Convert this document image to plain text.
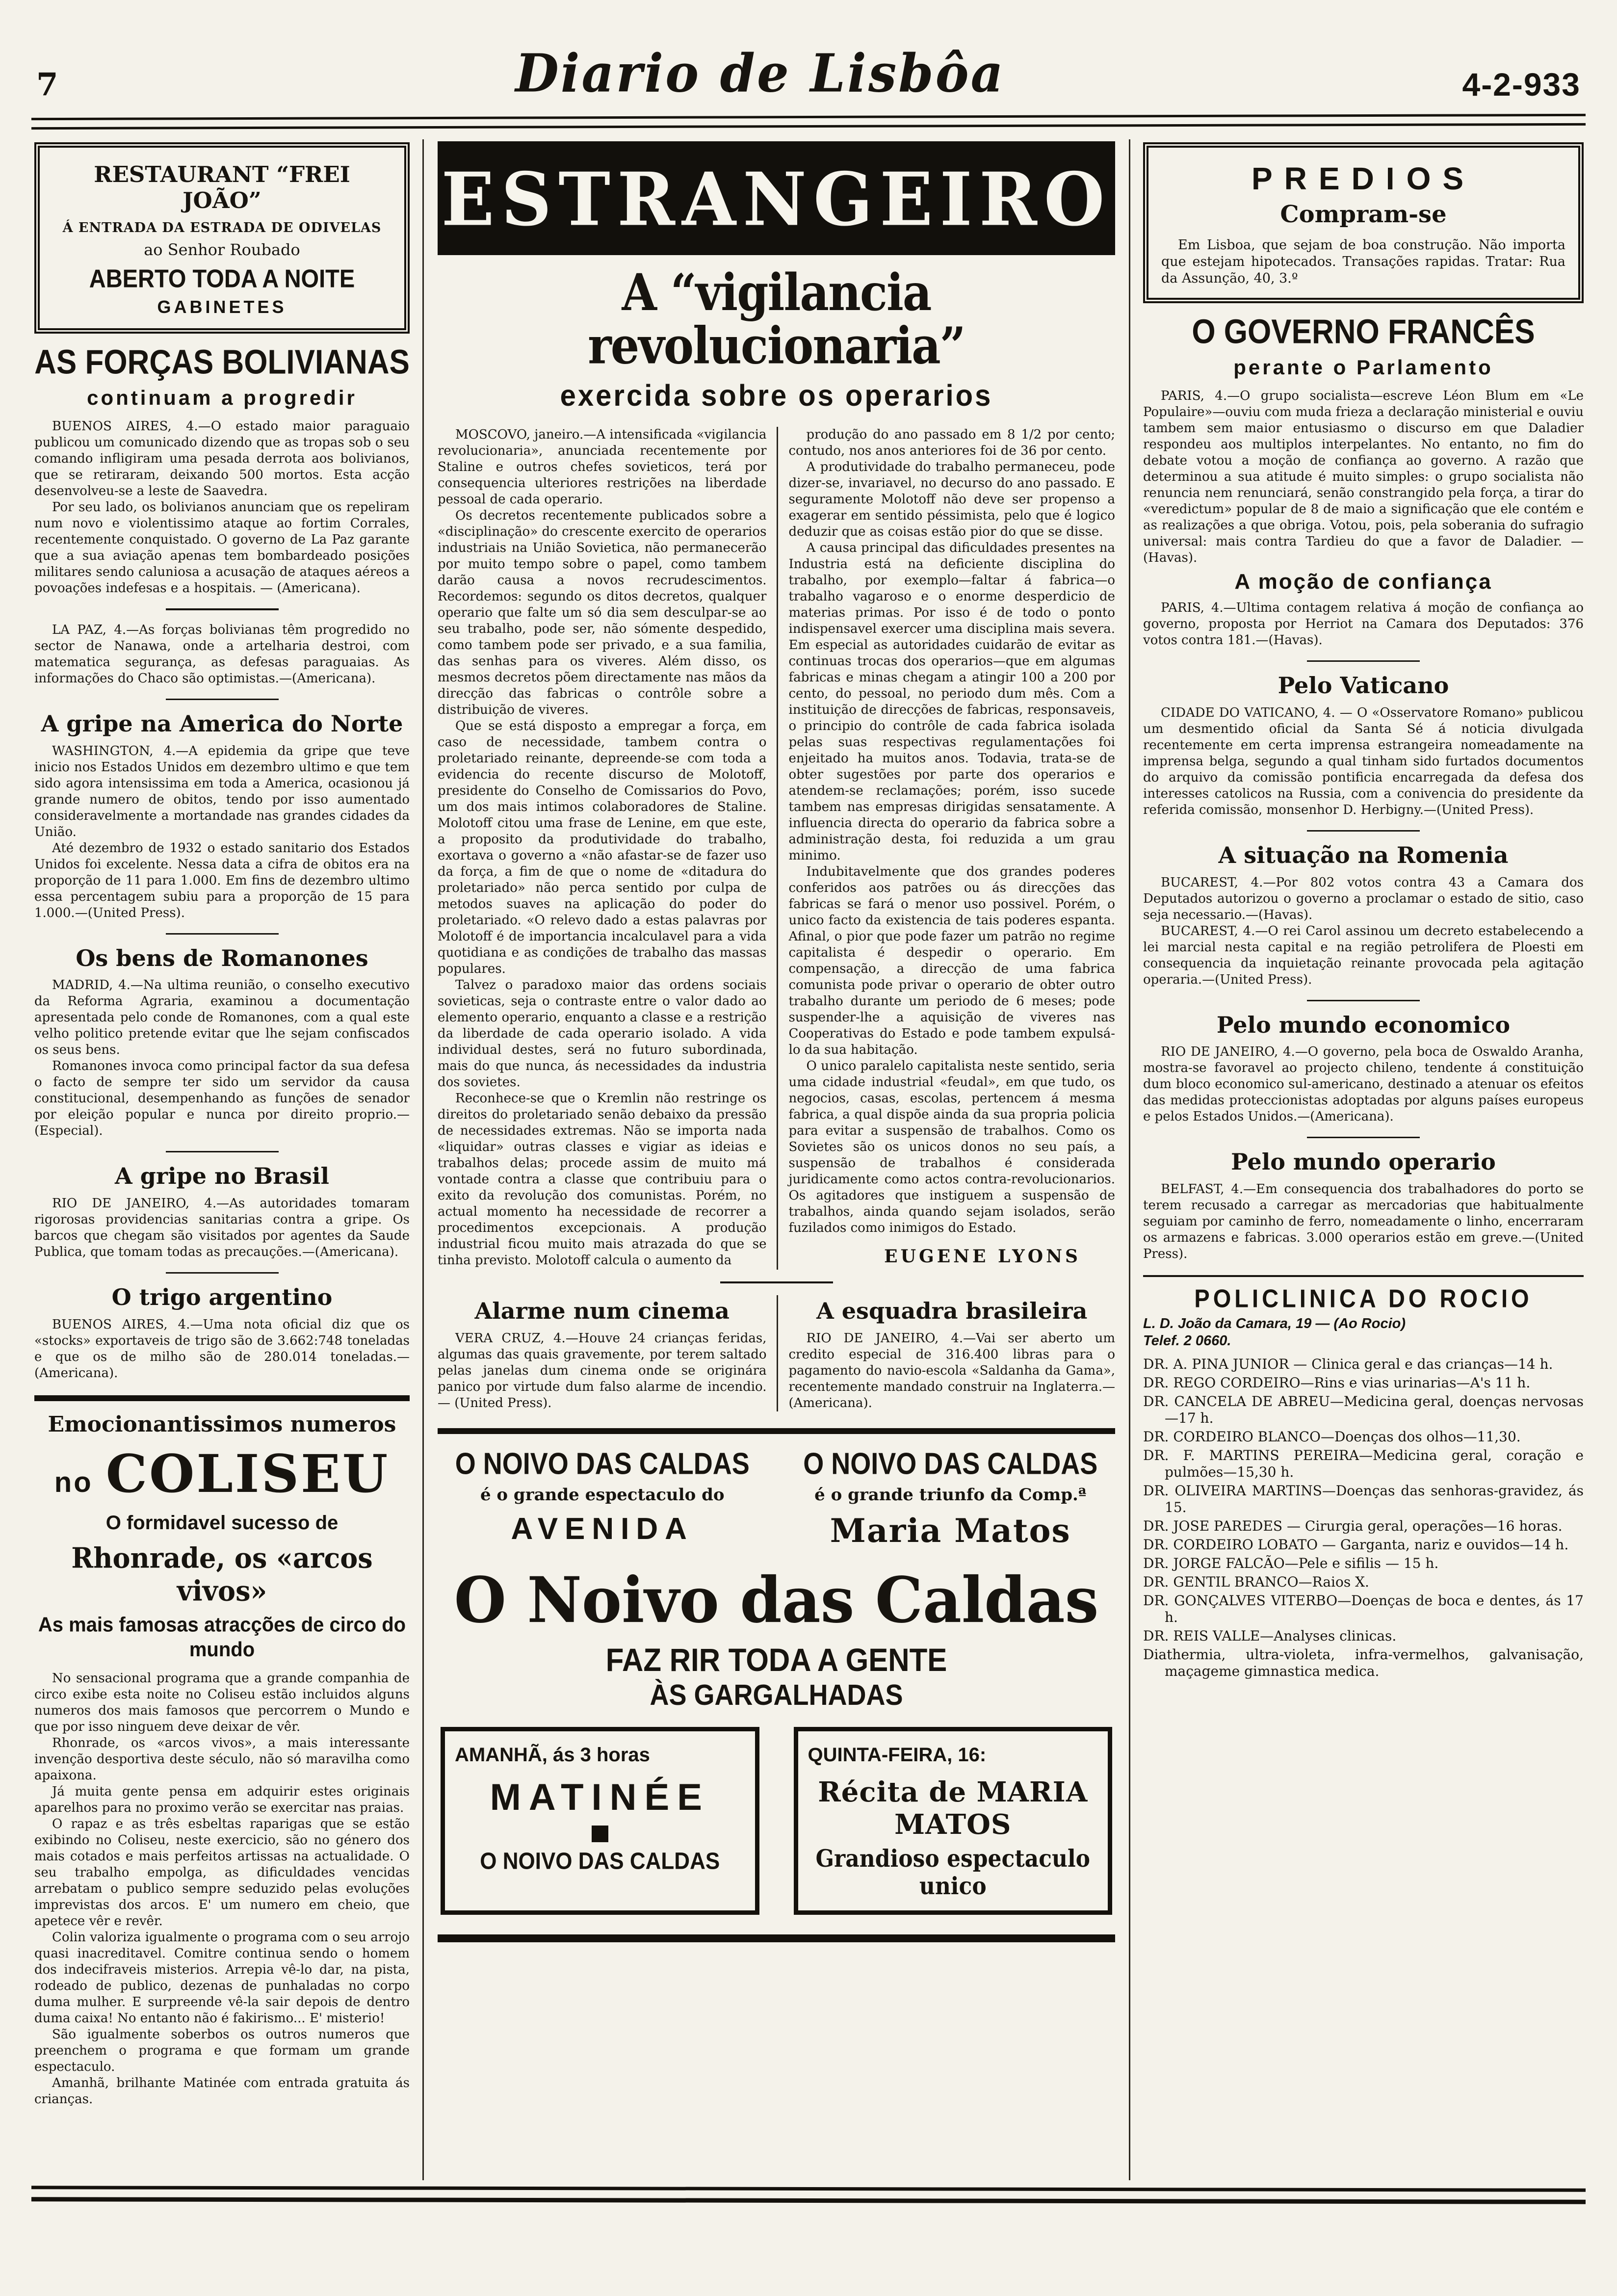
7	Diario de Lisbôa	4-2-933

RESTAURANT “FREI JOÃO”

Á ENTRADA DA ESTRADA DE ODIVELAS

ao Senhor Roubado

ABERTO TODA A NOITE

GABINETES

AS FORÇAS BOLIVIANAS
continuam a progredir

BUENOS AIRES, 4.—O estado maior paraguaio publicou um comunicado dizendo que as tropas sob o seu comando infligiram uma pesada derrota aos bolivianos, que se retiraram, deixando 500 mortos. Esta acção desenvolveu-se a leste de Saavedra.

Por seu lado, os bolivianos anunciam que os repeliram num novo e violentissimo ataque ao fortim Corrales, recentemente conquistado. O governo de La Paz garante que a sua aviação apenas tem bombardeado posições militares sendo caluniosa a acusação de ataques aéreos a povoações indefesas e a hospitais. — (Americana).

LA PAZ, 4.—As forças bolivianas têm progredido no sector de Nanawa, onde a artelharia destroi, com matematica segurança, as defesas paraguaias. As informações do Chaco são optimistas.—(Americana).

A gripe na America do Norte

WASHINGTON, 4.—A epidemia da gripe que teve inicio nos Estados Unidos em dezembro ultimo e que tem sido agora intensissima em toda a America, ocasionou já grande numero de obitos, tendo por isso aumentado consideravelmente a mortandade nas grandes cidades da União.

Até dezembro de 1932 o estado sanitario dos Estados Unidos foi excelente. Nessa data a cifra de obitos era na proporção de 11 para 1.000. Em fins de dezembro ultimo essa percentagem subiu para a proporção de 15 para 1.000.—(United Press).

Os bens de Romanones

MADRID, 4.—Na ultima reunião, o conselho executivo da Reforma Agraria, examinou a documentação apresentada pelo conde de Romanones, com a qual este velho politico pretende evitar que lhe sejam confiscados os seus bens.

Romanones invoca como principal factor da sua defesa o facto de sempre ter sido um servidor da causa constitucional, desempenhando as funções de senador por eleição popular e nunca por direito proprio.—(Especial).

A gripe no Brasil

RIO DE JANEIRO, 4.—As autoridades tomaram rigorosas providencias sanitarias contra a gripe. Os barcos que chegam são visitados por agentes da Saude Publica, que tomam todas as precauções.—(Americana).

O trigo argentino

BUENOS AIRES, 4.—Uma nota oficial diz que os «stocks» exportaveis de trigo são de 3.662:748 toneladas e que os de milho são de 280.014 toneladas.—(Americana).

Emocionantissimos numeros

no COLISEU

O formidavel sucesso de

Rhonrade, os «arcos vivos»

As mais famosas atracções de circo do mundo

No sensacional programa que a grande companhia de circo exibe esta noite no Coliseu estão incluidos alguns numeros dos mais famosos que percorrem o Mundo e que por isso ninguem deve deixar de vêr.

Rhonrade, os «arcos vivos», a mais interessante invenção desportiva deste século, não só maravilha como apaixona.

Já muita gente pensa em adquirir estes originais aparelhos para no proximo verão se exercitar nas praias.

O rapaz e as três esbeltas raparigas que se estão exibindo no Coliseu, neste exercicio, são no género dos mais cotados e mais perfeitos artissas na actualidade. O seu trabalho empolga, as dificuldades vencidas arrebatam o publico sempre seduzido pelas evoluções imprevistas dos arcos. E' um numero em cheio, que apetece vêr e revêr.

Colin valoriza igualmente o programa com o seu arrojo quasi inacreditavel. Comitre continua sendo o homem dos indecifraveis misterios. Arrepia vê-lo dar, na pista, rodeado de publico, dezenas de punhaladas no corpo duma mulher. E surpreende vê-la sair depois de dentro duma caixa! No entanto não é fakirismo... E' misterio!

São igualmente soberbos os outros numeros que preenchem o programa e que formam um grande espectaculo.

Amanhã, brilhante Matinée com entrada gratuita ás crianças.

ESTRANGEIRO
A “vigilancia revolucionaria”
exercida sobre os operarios

MOSCOVO, janeiro.—A intensificada «vigilancia revolucionaria», anunciada recentemente por Staline e outros chefes sovieticos, terá por consequencia ulteriores restrições na liberdade pessoal de cada operario.

Os decretos recentemente publicados sobre a «disciplinação» do crescente exercito de operarios industriais na União Sovietica, não permanecerão por muito tempo sobre o papel, como tambem darão causa a novos recrudescimentos. Recordemos: segundo os ditos decretos, qualquer operario que falte um só dia sem desculpar-se ao seu trabalho, pode ser, não sómente despedido, como tambem pode ser privado, e a sua familia, das senhas para os viveres. Além disso, os mesmos decretos põem directamente nas mãos da direcção das fabricas o contrôle sobre a distribuição de viveres.

Que se está disposto a empregar a força, em caso de necessidade, tambem contra o proletariado reinante, depreende-se com toda a evidencia do recente discurso de Molotoff, presidente do Conselho de Comissarios do Povo, um dos mais intimos colaboradores de Staline. Molotoff citou uma frase de Lenine, em que este, a proposito da produtividade do trabalho, exortava o governo a «não afastar-se de fazer uso da força, a fim de que o nome de «ditadura do proletariado» não perca sentido por culpa de metodos suaves na aplicação do poder do proletariado. «O relevo dado a estas palavras por Molotoff é de importancia incalculavel para a vida quotidiana e as condições de trabalho das massas populares.

Talvez o paradoxo maior das ordens sociais sovieticas, seja o contraste entre o valor dado ao elemento operario, enquanto a classe e a restrição da liberdade de cada operario isolado. A vida individual destes, será no futuro subordinada, mais do que nunca, ás necessidades da industria dos sovietes.

Reconhece-se que o Kremlin não restringe os direitos do proletariado senão debaixo da pressão de necessidades extremas. Não se importa nada «liquidar» outras classes e vigiar as ideias e trabalhos delas; procede assim de muito má vontade contra a classe que contribuiu para o exito da revolução dos comunistas. Porém, no actual momento ha necessidade de recorrer a procedimentos excepcionais. A produção industrial ficou muito mais atrazada do que se tinha previsto. Molotoff calcula o aumento da

produção do ano passado em 8 1/2 por cento; contudo, nos anos anteriores foi de 36 por cento.

A produtividade do trabalho permaneceu, pode dizer-se, invariavel, no decurso do ano passado. E seguramente Molotoff não deve ser propenso a exagerar em sentido péssimista, pelo que é logico deduzir que as coisas estão pior do que se disse.

A causa principal das dificuldades presentes na Industria está na deficiente disciplina do trabalho, por exemplo—faltar á fabrica—o trabalho vagaroso e o enorme desperdicio de materias primas. Por isso é de todo o ponto indispensavel exercer uma disciplina mais severa. Em especial as autoridades cuidarão de evitar as continuas trocas dos operarios—que em algumas fabricas e minas chegam a atingir 100 a 200 por cento, do pessoal, no periodo dum mês. Com a instituição de direcções de fabricas, responsaveis, o principio do contrôle de cada fabrica isolada pelas suas respectivas regulamentações foi enjeitado ha muitos anos. Todavia, trata-se de obter sugestões por parte dos operarios e atendem-se reclamações; porém, isso sucede tambem nas empresas dirigidas sensatamente. A influencia directa do operario da fabrica sobre a administração desta, foi reduzida a um grau minimo.

Indubitavelmente que dos grandes poderes conferidos aos patrões ou ás direcções das fabricas se fará o menor uso possivel. Porém, o unico facto da existencia de tais poderes espanta. Afinal, o pior que pode fazer um patrão no regime capitalista é despedir o operario. Em compensação, a direcção de uma fabrica comunista pode privar o operario de obter outro trabalho durante um periodo de 6 meses; pode suspender-lhe a aquisição de viveres nas Cooperativas do Estado e pode tambem expulsá-lo da sua habitação.

O unico paralelo capitalista neste sentido, seria uma cidade industrial «feudal», em que tudo, os negocios, casas, escolas, pertencem á mesma fabrica, a qual dispõe ainda da sua propria policia para evitar a suspensão de trabalhos. Como os Sovietes são os unicos donos no seu país, a suspensão de trabalhos é considerada juridicamente como actos contra-revolucionarios. Os agitadores que instiguem a suspensão de trabalhos, ainda quando sejam isolados, serão fuzilados como inimigos do Estado.

EUGENE LYONS

Alarme num cinema

VERA CRUZ, 4.—Houve 24 crianças feridas, algumas das quais gravemente, por terem saltado pelas janelas dum cinema onde se originára panico por virtude dum falso alarme de incendio. — (United Press).

A esquadra brasileira

RIO DE JANEIRO, 4.—Vai ser aberto um credito especial de 316.400 libras para o pagamento do navio-escola «Saldanha da Gama», recentemente mandado construir na Inglaterra.—(Americana).

O NOIVO DAS CALDAS

é o grande espectaculo do

AVENIDA

O NOIVO DAS CALDAS

é o grande triunfo da Comp.ª

Maria Matos

O Noivo das Caldas

FAZ RIR TODA A GENTE

ÀS GARGALHADAS

AMANHÃ, ás 3 horas

MATINÉE

O NOIVO DAS CALDAS

QUINTA-FEIRA, 16:

Récita de MARIA MATOS

Grandioso espectaculo unico

PREDIOS

Compram-se

Em Lisboa, que sejam de boa construção. Não importa que estejam hipotecados. Transações rapidas. Tratar: Rua da Assunção, 40, 3.º

O GOVERNO FRANCÊS
perante o Parlamento

PARIS, 4.—O grupo socialista—escreve Léon Blum em «Le Populaire»—ouviu com muda frieza a declaração ministerial e ouviu tambem sem maior entusiasmo o discurso em que Daladier respondeu aos multiplos interpelantes. No entanto, no fim do debate votou a moção de confiança ao governo. A razão que determinou a sua atitude é muito simples: o grupo socialista não renuncia nem renunciará, senão constrangido pela força, a tirar do «veredictum» popular de 8 de maio a significação que ele contém e as realizações a que obriga. Votou, pois, pela soberania do sufragio universal: mais contra Tardieu do que a favor de Daladier. — (Havas).

A moção de confiança

PARIS, 4.—Ultima contagem relativa á moção de confiança ao governo, proposta por Herriot na Camara dos Deputados: 376 votos contra 181.—(Havas).

Pelo Vaticano

CIDADE DO VATICANO, 4. — O «Osservatore Romano» publicou um desmentido oficial da Santa Sé á noticia divulgada recentemente em certa imprensa estrangeira nomeadamente na imprensa belga, segundo a qual tinham sido furtados documentos do arquivo da comissão pontificia encarregada da defesa dos interesses catolicos na Russia, com a conivencia do presidente da referida comissão, monsenhor D. Herbigny.—(United Press).

A situação na Romenia

BUCAREST, 4.—Por 802 votos contra 43 a Camara dos Deputados autorizou o governo a proclamar o estado de sitio, caso seja necessario.—(Havas).

BUCAREST, 4.—O rei Carol assinou um decreto estabelecendo a lei marcial nesta capital e na região petrolifera de Ploesti em consequencia da inquietação reinante provocada pela agitação operaria.—(United Press).

Pelo mundo economico

RIO DE JANEIRO, 4.—O governo, pela boca de Oswaldo Aranha, mostra-se favoravel ao projecto chileno, tendente á constituição dum bloco economico sul-americano, destinado a atenuar os efeitos das medidas proteccionistas adoptadas por alguns países europeus e pelos Estados Unidos.—(Americana).

Pelo mundo operario

BELFAST, 4.—Em consequencia dos trabalhadores do porto se terem recusado a carregar as mercadorias que habitualmente seguiam por caminho de ferro, nomeadamente o linho, encerraram os armazens e fabricas. 3.000 operarios estão em greve.—(United Press).

POLICLINICA DO ROCIO

L. D. João da Camara, 19 — (Ao Rocio)

Telef. 2 0660.

DR. A. PINA JUNIOR — Clinica geral e das crianças—14 h.

DR. REGO CORDEIRO—Rins e vias urinarias—A's 11 h.

DR. CANCELA DE ABREU—Medicina geral, doenças nervosas—17 h.

DR. CORDEIRO BLANCO—Doenças dos olhos—11,30.

DR. F. MARTINS PEREIRA—Medicina geral, coração e pulmões—15,30 h.

DR. OLIVEIRA MARTINS—Doenças das senhoras-gravidez, ás 15.

DR. JOSE PAREDES — Cirurgia geral, operações—16 horas.

DR. CORDEIRO LOBATO — Garganta, nariz e ouvidos—14 h.

DR. JORGE FALCÃO—Pele e sifilis — 15 h.

DR. GENTIL BRANCO—Raios X.

DR. GONÇALVES VITERBO—Doenças de boca e dentes, ás 17 h.

DR. REIS VALLE—Analyses clinicas.

Diathermia, ultra-violeta, infra-vermelhos, galvanisação, maçageme gimnastica medica.
